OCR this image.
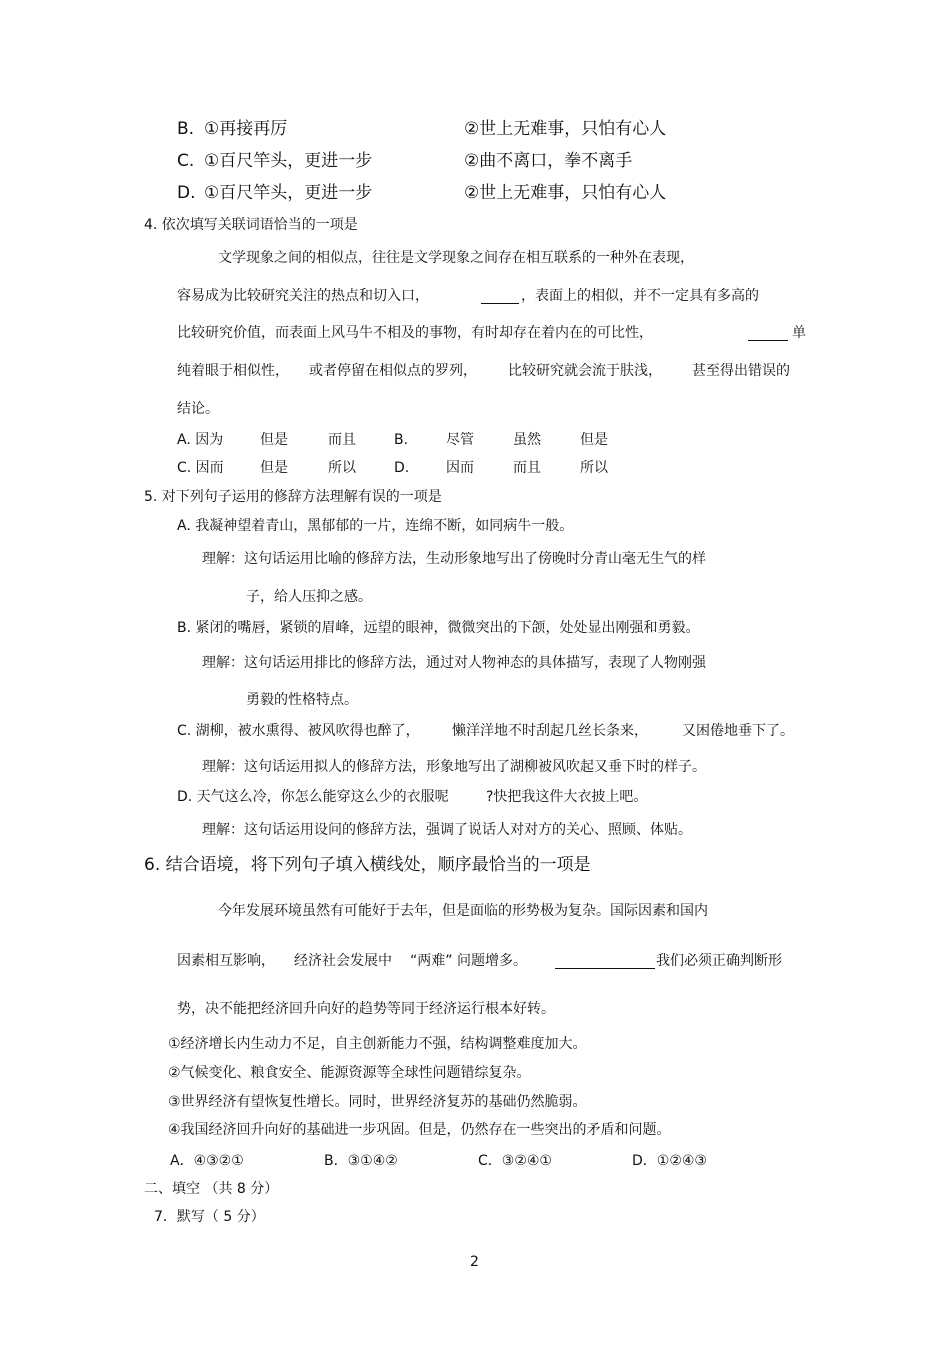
B. ①再接再厉	②世上无难事，只怕有心人
C. ①百尺竿头，更进一步	②曲不离口，拳不离手
D. ①百尺竿头，更进一步	②世上无难事，只怕有心人
4. 依次填写关联词语恰当的一项是
文学现象之间的相似点，往往是文学现象之间存在相互联系的一种外在表现，
容易成为比较研究关注的热点和切入口，	，表面上的相似，并不一定具有多高的
比较研究价值，而表面上风马牛不相及的事物，有时却存在着内在的可比性，	单
纯着眼于相似性， 或者停留在相似点的罗列， 比较研究就会流于肤浅， 甚至得出错误的
结论。
A. 因为	但是	而且	B.	尽管	虽然	但是
C. 因而	但是	所以	D.	因而	而且	所以
5. 对下列句子运用的修辞方法理解有误的一项是
A. 我凝神望着青山，黑郁郁的一片，连绵不断，如同病牛一般。
理解：这句话运用比喻的修辞方法，生动形象地写出了傍晚时分青山毫无生气的样
子，给人压抑之感。
B. 紧闭的嘴唇，紧锁的眉峰，远望的眼神，微微突出的下颌，处处显出刚强和勇毅。
理解：这句话运用排比的修辞方法，通过对人物神态的具体描写，表现了人物刚强
勇毅的性格特点。
C. 湖柳，被水熏得、被风吹得也醉了， 懒洋洋地不时刮起几丝长条来， 又困倦地垂下了。
理解：这句话运用拟人的修辞方法，形象地写出了湖柳被风吹起又垂下时的样子。
D. 天气这么冷，你怎么能穿这么少的衣服呢	?快把我这件大衣披上吧。
理解：这句话运用设问的修辞方法，强调了说话人对对方的关心、照顾、体贴。
6. 结合语境，将下列句子填入横线处，顺序最恰当的一项是
今年发展环境虽然有可能好于去年，但是面临的形势极为复杂。国际因素和国内
因素相互影响， 经济社会发展中 “两难” 问题增多。	我们必须正确判断形
势，决不能把经济回升向好的趋势等同于经济运行根本好转。
①经济增长内生动力不足，自主创新能力不强，结构调整难度加大。
②气候变化、粮食安全、能源资源等全球性问题错综复杂。
③世界经济有望恢复性增长。同时，世界经济复苏的基础仍然脆弱。
④我国经济回升向好的基础进一步巩固。但是，仍然存在一些突出的矛盾和问题。
A．④③②①	B．③①④②	C．③②④①	D．①②④③
二、填空 （共 8 分）
7．默写（ 5 分）
2
